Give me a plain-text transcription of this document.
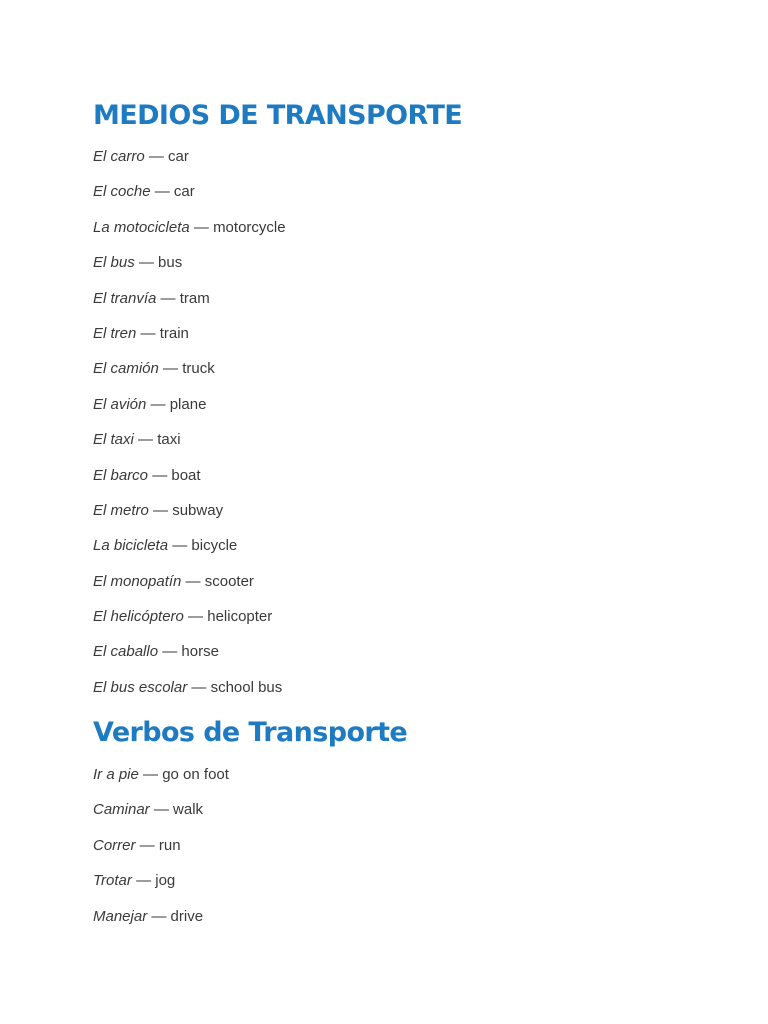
MEDIOS DE TRANSPORTE
El carro — car
El coche — car
La motocicleta — motorcycle
El bus — bus
El tranvía — tram
El tren — train
El camión — truck
El avión — plane
El taxi — taxi
El barco — boat
El metro — subway
La bicicleta — bicycle
El monopatín — scooter
El helicóptero — helicopter
El caballo — horse
El bus escolar — school bus
Verbos de Transporte
Ir a pie — go on foot
Caminar — walk
Correr — run
Trotar — jog
Manejar — drive
